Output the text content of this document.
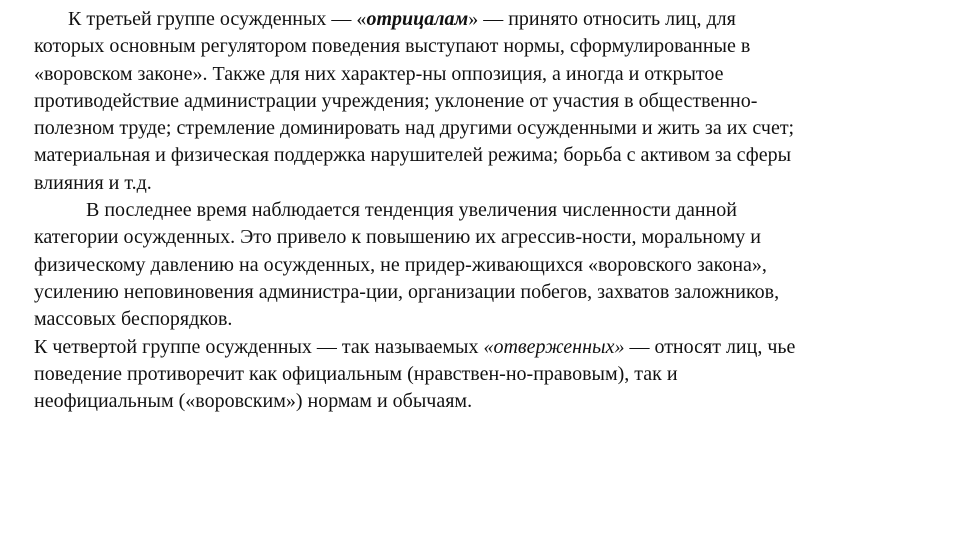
К третьей группе осужденных — «отрицалам» — принято относить лиц, для
которых основным регулятором поведения выступают нормы, сформулированные в
«воровском законе». Также для них характер-ны оппозиция, а иногда и открытое
противодействие администрации учреждения; уклонение от участия в общественно-
полезном труде; стремление доминировать над другими осужденными и жить за их счет;
материальная и физическая поддержка нарушителей режима; борьба с активом за сферы
влияния и т.д.
В последнее время наблюдается тенденция увеличения численности данной
категории осужденных. Это привело к повышению их агрессив-ности, моральному и
физическому давлению на осужденных, не придер-живающихся «воровского закона»,
усилению неповиновения администра-ции, организации побегов, захватов заложников,
массовых беспорядков.
К четвертой группе осужденных — так называемых «отверженных» — относят лиц, чье
поведение противоречит как официальным (нравствен-но-правовым), так и
неофициальным («воровским») нормам и обычаям.
